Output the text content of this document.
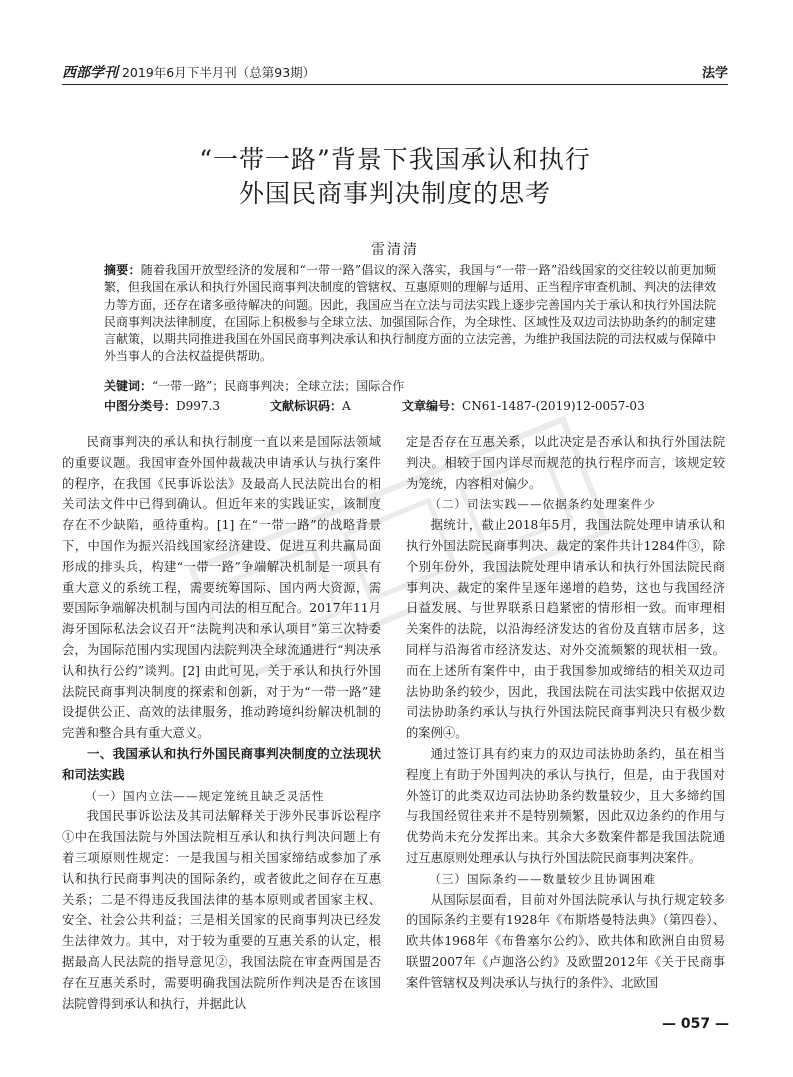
西部学刊 2019年6月下半月刊（总第93期）	法学
“一带一路”背景下我国承认和执行
外国民商事判决制度的思考
雷清清
摘要：随着我国开放型经济的发展和“一带一路”倡议的深入落实，我国与“一带一路”沿线国家的交往较以前更加频繁，但我国在承认和执行外国民商事判决制度的管辖权、互惠原则的理解与适用、正当程序审查机制、判决的法律效力等方面，还存在诸多亟待解决的问题。因此，我国应当在立法与司法实践上逐步完善国内关于承认和执行外国法院民商事判决法律制度，在国际上积极参与全球立法、加强国际合作，为全球性、区域性及双边司法协助条约的制定建言献策，以期共同推进我国在外国民商事判决承认和执行制度方面的立法完善，为维护我国法院的司法权威与保障中外当事人的合法权益提供帮助。
关键词：“一带一路”；民商事判决；全球立法；国际合作
中图分类号：D997.3	文献标识码：A	文章编号：CN61-1487-(2019)12-0057-03

民商事判决的承认和执行制度一直以来是国际法领域的重要议题。我国审查外国仲裁裁决申请承认与执行案件的程序，在我国《民事诉讼法》及最高人民法院出台的相关司法文件中已得到确认。但近年来的实践证实，该制度存在不少缺陷，亟待重构。[1] 在“一带一路”的战略背景下，中国作为振兴沿线国家经济建设、促进互利共赢局面形成的排头兵，构建“一带一路”争端解决机制是一项具有重大意义的系统工程，需要统筹国际、国内两大资源，需要国际争端解决机制与国内司法的相互配合。2017年11月海牙国际私法会议召开“法院判决和承认项目”第三次特委会，为国际范围内实现国内法院判决全球流通进行“判决承认和执行公约”谈判。[2] 由此可见，关于承认和执行外国法院民商事判决制度的探索和创新，对于为“一带一路”建设提供公正、高效的法律服务，推动跨境纠纷解决机制的完善和整合具有重大意义。

一、我国承认和执行外国民商事判决制度的立法现状和司法实践
（一）国内立法——规定笼统且缺乏灵活性

我国民事诉讼法及其司法解释关于涉外民事诉讼程序①中在我国法院与外国法院相互承认和执行判决问题上有着三项原则性规定：一是我国与相关国家缔结或参加了承认和执行民商事判决的国际条约，或者彼此之间存在互惠关系；二是不得违反我国法律的基本原则或者国家主权、安全、社会公共利益；三是相关国家的民商事判决已经发生法律效力。其中，对于较为重要的互惠关系的认定，根据最高人民法院的指导意见②，我国法院在审查两国是否存在互惠关系时，需要明确我国法院所作判决是否在该国法院曾得到承认和执行，并据此认

定是否存在互惠关系，以此决定是否承认和执行外国法院判决。相较于国内详尽而规范的执行程序而言，该规定较为笼统，内容相对偏少。

（二）司法实践——依据条约处理案件少

据统计，截止2018年5月，我国法院处理申请承认和执行外国法院民商事判决、裁定的案件共计1284件③，除个别年份外，我国法院处理申请承认和执行外国法院民商事判决、裁定的案件呈逐年递增的趋势，这也与我国经济日益发展、与世界联系日趋紧密的情形相一致。而审理相关案件的法院，以沿海经济发达的省份及直辖市居多，这同样与沿海省市经济发达、对外交流频繁的现状相一致。而在上述所有案件中，由于我国参加或缔结的相关双边司法协助条约较少，因此，我国法院在司法实践中依据双边司法协助条约承认与执行外国法院民商事判决只有极少数的案例④。

通过签订具有约束力的双边司法协助条约，虽在相当程度上有助于外国判决的承认与执行，但是，由于我国对外签订的此类双边司法协助条约数量较少，且大多缔约国与我国经贸往来并不是特别频繁，因此双边条约的作用与优势尚未充分发挥出来。其余大多数案件都是我国法院通过互惠原则处理承认与执行外国法院民商事判决案件。

（三）国际条约——数量较少且协调困难

从国际层面看，目前对外国法院承认与执行规定较多的国际条约主要有1928年《布斯塔曼特法典》（第四卷）、欧共体1968年《布鲁塞尔公约》、欧共体和欧洲自由贸易联盟2007年《卢迦洛公约》及欧盟2012年《关于民商事案件管辖权及判决承认与执行的条件》、北欧国

— 057 —
